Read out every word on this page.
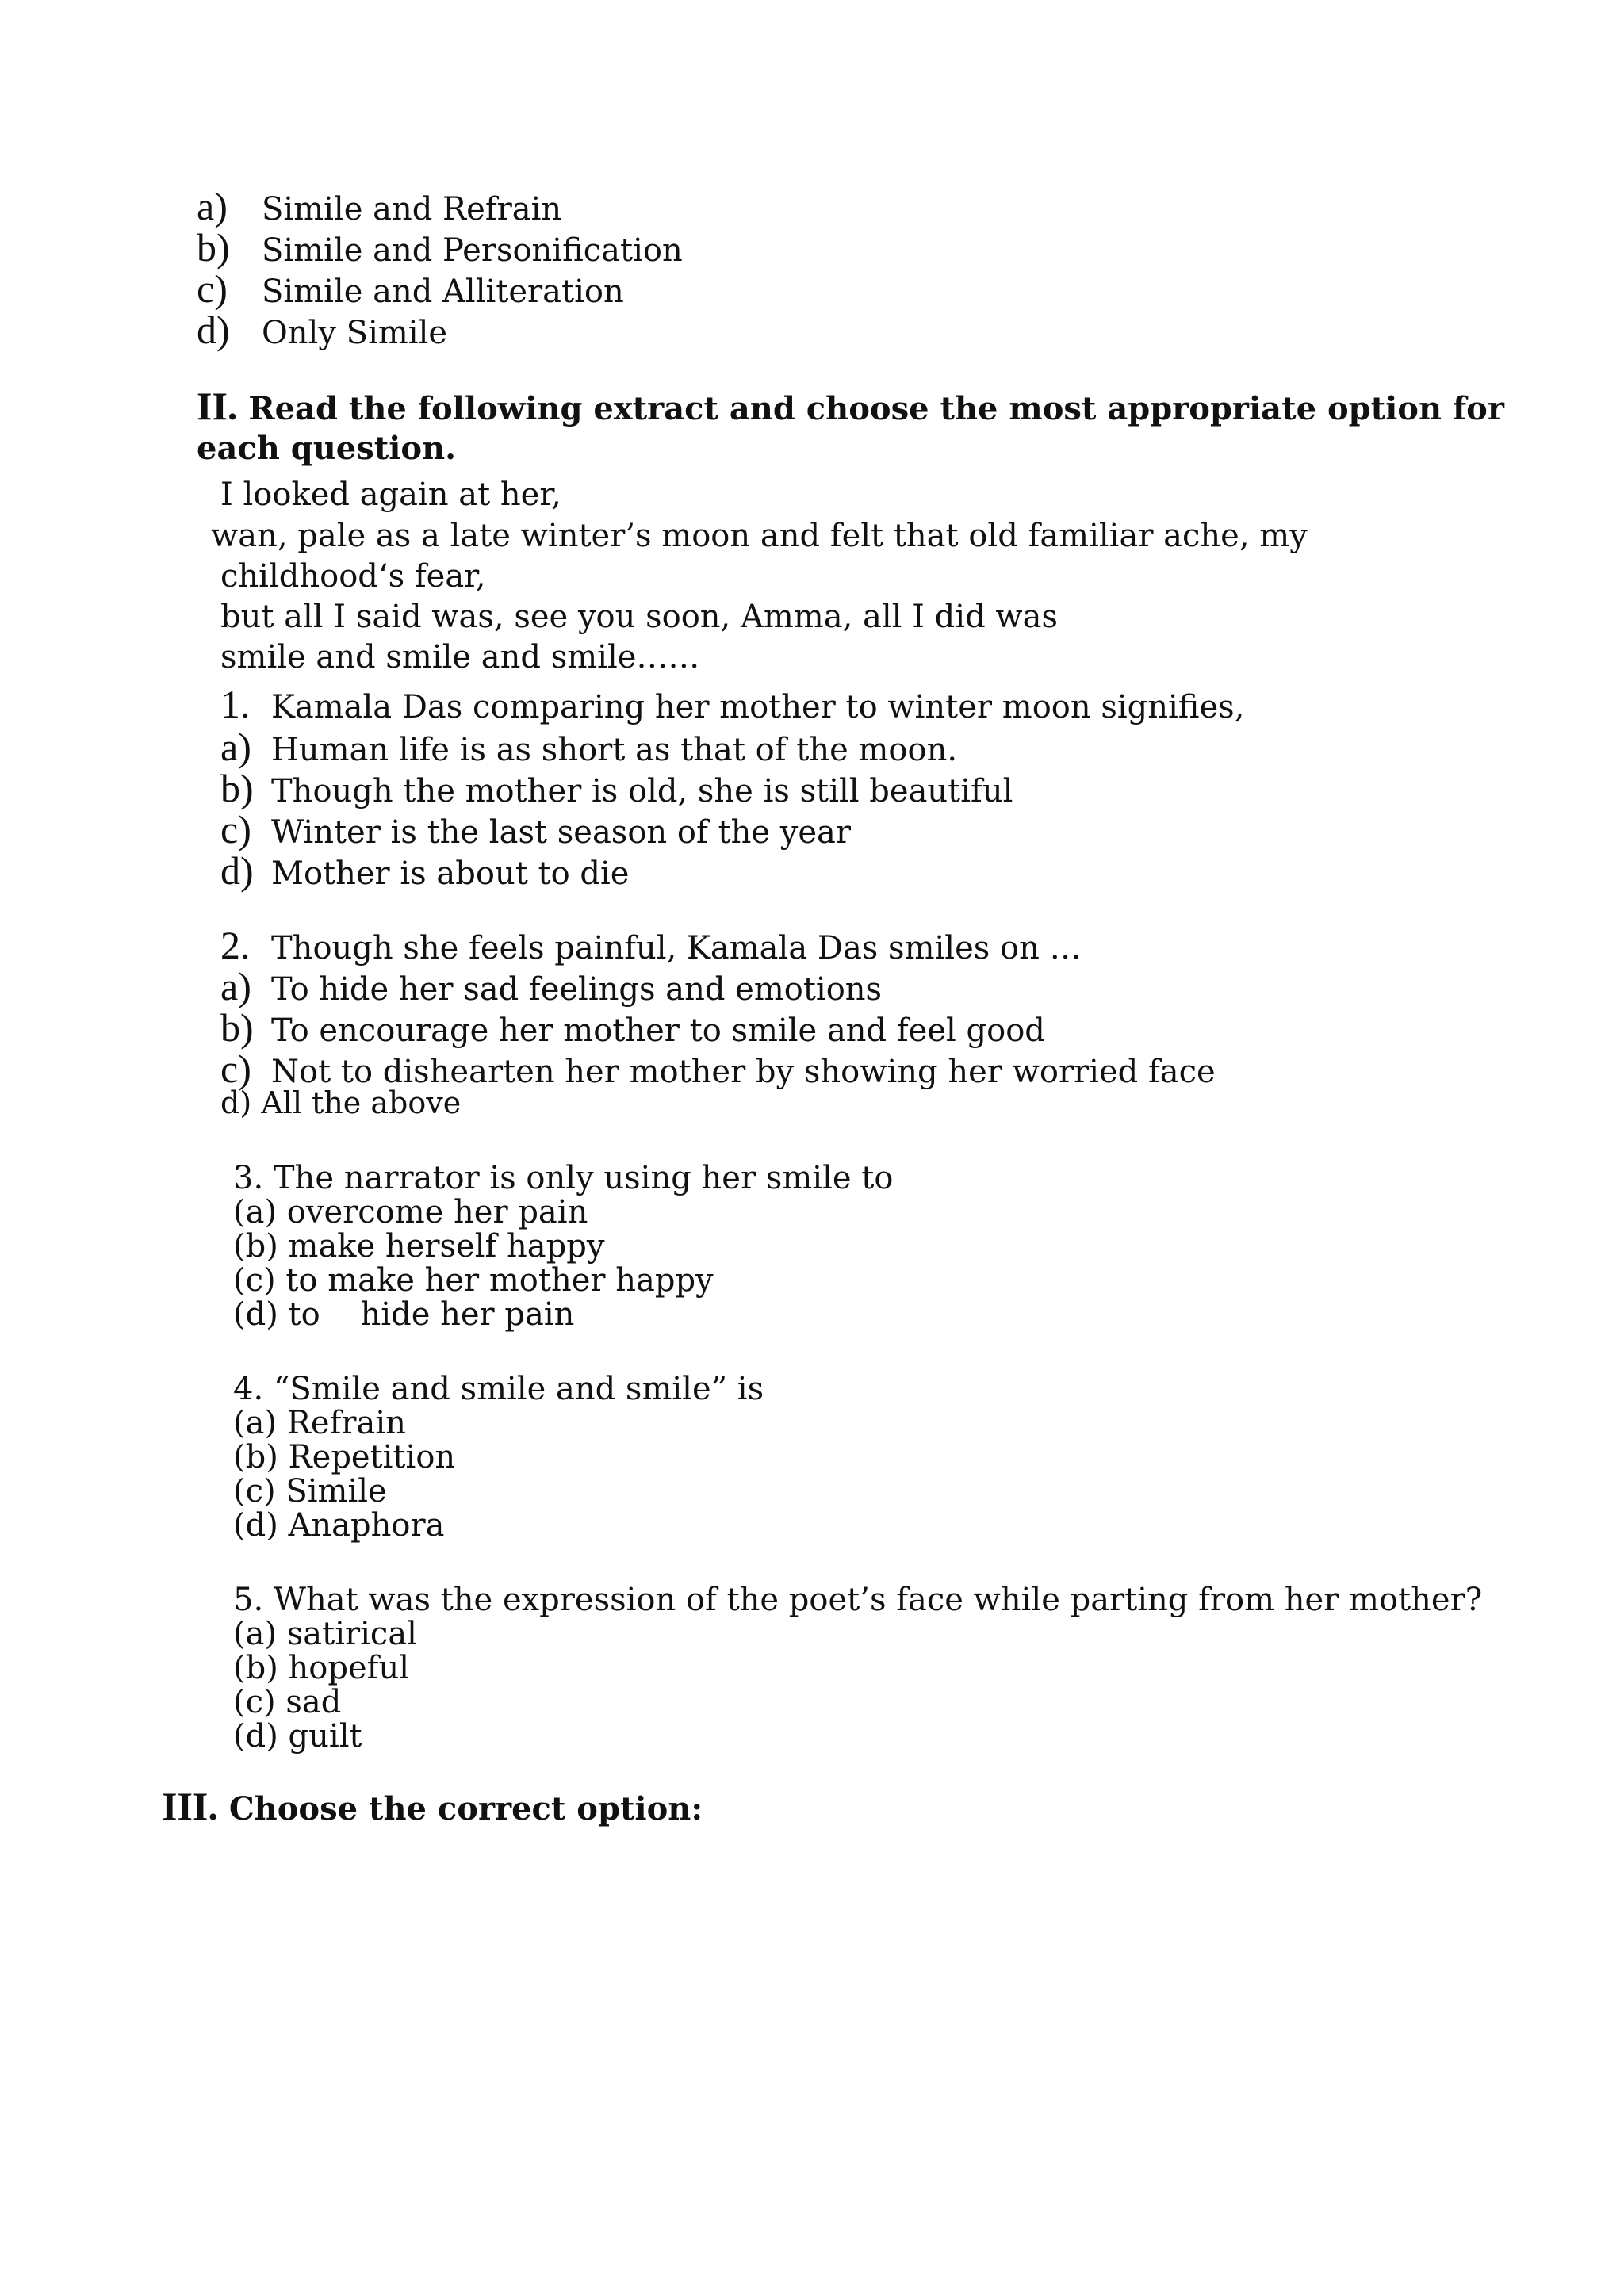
a) Simile and Refrain
b) Simile and Personification
c) Simile and Alliteration
d) Only Simile
II. Read the following extract and choose the most appropriate option for
each question.
I looked again at her,
wan, pale as a late winter’s moon and felt that old familiar ache, my
childhood‘s fear,
but all I said was, see you soon, Amma, all I did was
smile and smile and smile……
1. Kamala Das comparing her mother to winter moon signifies,
a) Human life is as short as that of the moon.
b) Though the mother is old, she is still beautiful
c) Winter is the last season of the year
d) Mother is about to die
2. Though she feels painful, Kamala Das smiles on …
a) To hide her sad feelings and emotions
b) To encourage her mother to smile and feel good
c) Not to dishearten her mother by showing her worried face
d) All the above
3. The narrator is only using her smile to
(a) overcome her pain
(b) make herself happy
(c) to make her mother happy
(d) to    hide her pain
4. “Smile and smile and smile” is
(a) Refrain
(b) Repetition
(c) Simile
(d) Anaphora
5. What was the expression of the poet’s face while parting from her mother?
(a) satirical
(b) hopeful
(c) sad
(d) guilt
III. Choose the correct option:
